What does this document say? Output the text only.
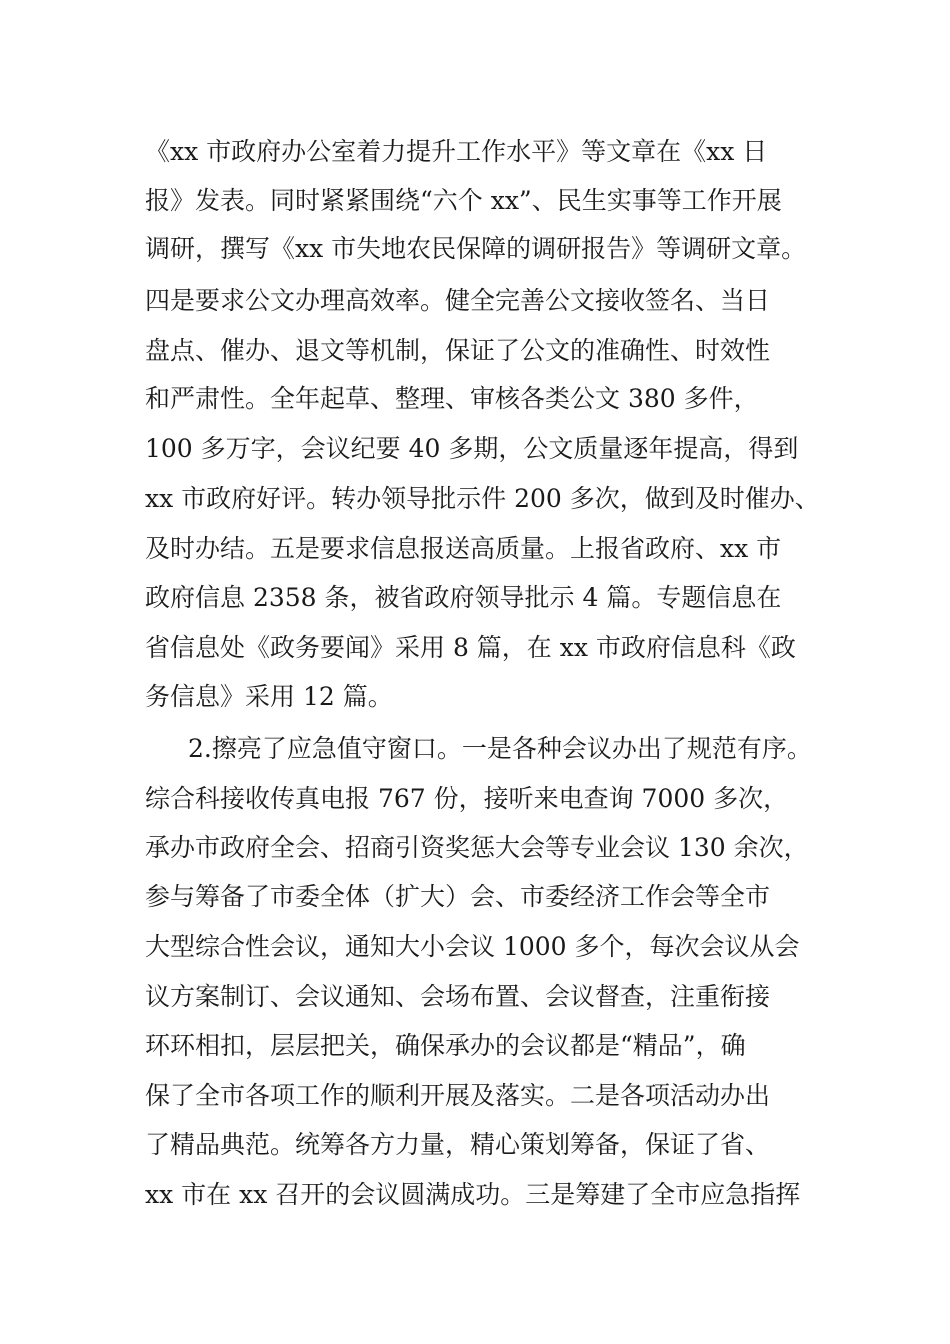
《xx 市政府办公室着力提升工作水平》等文章在《xx 日
报》发表。同时紧紧围绕“六个 xx”、民生实事等工作开展
调研，撰写《xx 市失地农民保障的调研报告》等调研文章。
四是要求公文办理高效率。健全完善公文接收签名、当日
盘点、催办、退文等机制，保证了公文的准确性、时效性
和严肃性。全年起草、整理、审核各类公文 380 多件，
100 多万字，会议纪要 40 多期，公文质量逐年提高，得到
xx 市政府好评。转办领导批示件 200 多次，做到及时催办、
及时办结。五是要求信息报送高质量。上报省政府、xx 市
政府信息 2358 条，被省政府领导批示 4 篇。专题信息在
省信息处《政务要闻》采用 8 篇，在 xx 市政府信息科《政
务信息》采用 12 篇。
2.擦亮了应急值守窗口。一是各种会议办出了规范有序。
综合科接收传真电报 767 份，接听来电查询 7000 多次，
承办市政府全会、招商引资奖惩大会等专业会议 130 余次，
参与筹备了市委全体（扩大）会、市委经济工作会等全市
大型综合性会议，通知大小会议 1000 多个，每次会议从会
议方案制订、会议通知、会场布置、会议督查，注重衔接
环环相扣，层层把关，确保承办的会议都是“精品”，确
保了全市各项工作的顺利开展及落实。二是各项活动办出
了精品典范。统筹各方力量，精心策划筹备，保证了省、
xx 市在 xx 召开的会议圆满成功。三是筹建了全市应急指挥
